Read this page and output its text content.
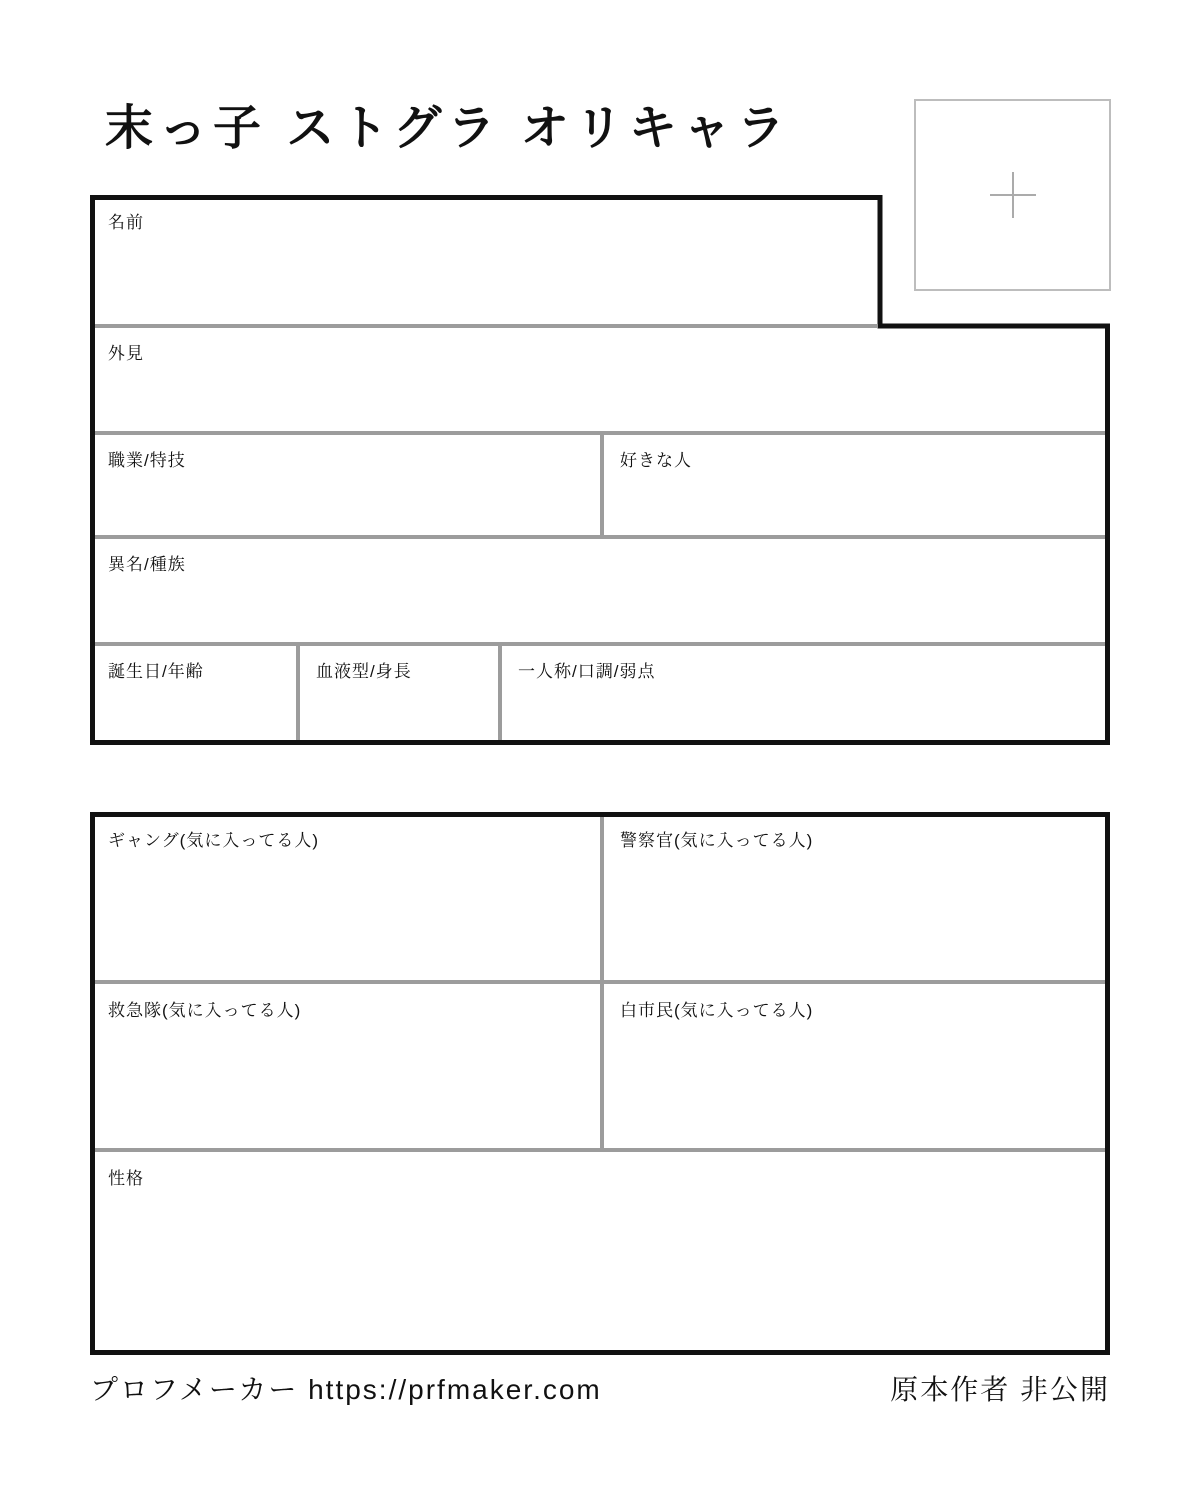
末っ子 ストグラ オリキャラ
名前
外見
職業/特技	好きな人
異名/種族
誕生日/年齢	血液型/身長	一人称/口調/弱点
ギャング(気に入ってる人)	警察官(気に入ってる人)
救急隊(気に入ってる人)	白市民(気に入ってる人)
性格
プロフメーカー https://prfmaker.com	原本作者 非公開
